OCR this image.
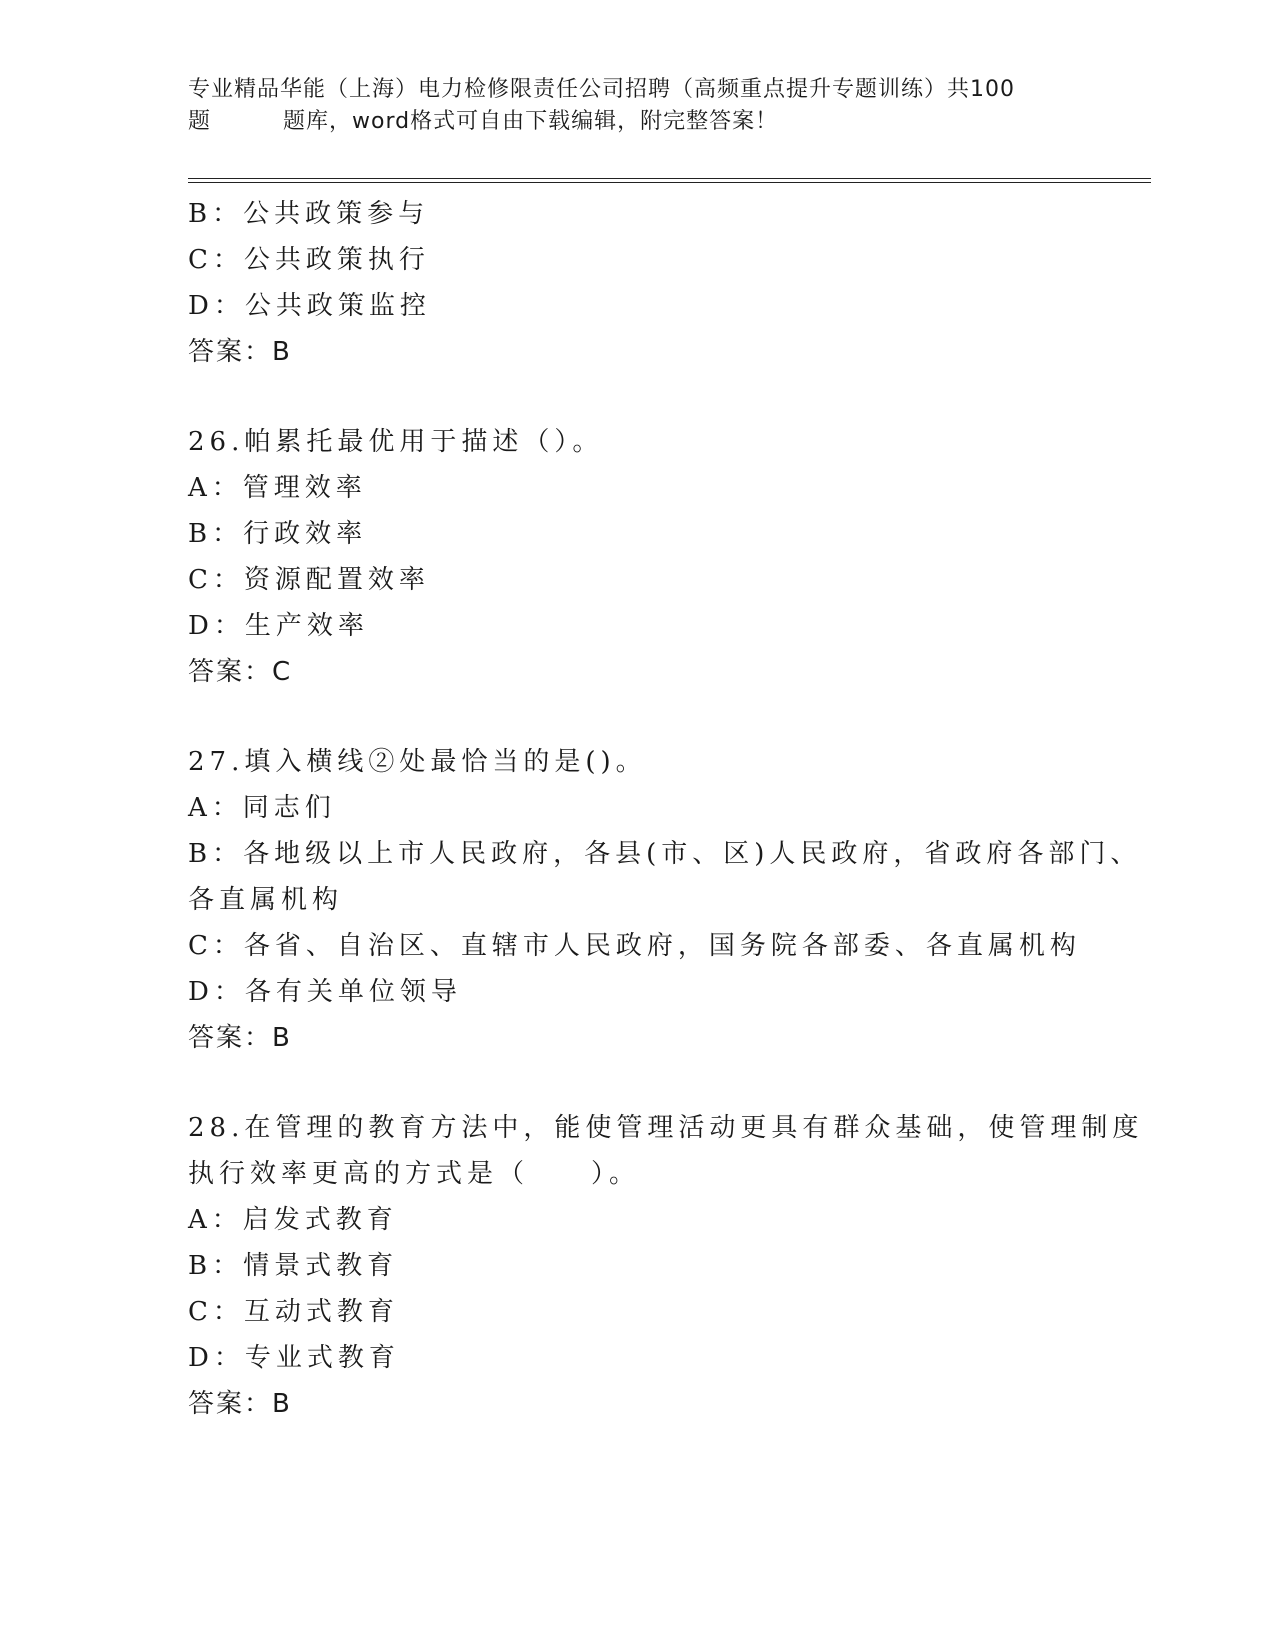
专业精品华能（上海）电力检修限责任公司招聘（高频重点提升专题训练）共100
题	题库，word格式可自由下载编辑，附完整答案！
B：公共政策参与
C：公共政策执行
D：公共政策监控
答案：B
26.帕累托最优用于描述（）。
A：管理效率
B：行政效率
C：资源配置效率
D：生产效率
答案：C
27.填入横线②处最恰当的是()。
A：同志们
B：各地级以上市人民政府，各县(市、区)人民政府，省政府各部门、
各直属机构
C：各省、自治区、直辖市人民政府，国务院各部委、各直属机构
D：各有关单位领导
答案：B
28.在管理的教育方法中，能使管理活动更具有群众基础，使管理制度
执行效率更高的方式是（　　）。
A：启发式教育
B：情景式教育
C：互动式教育
D：专业式教育
答案：B
